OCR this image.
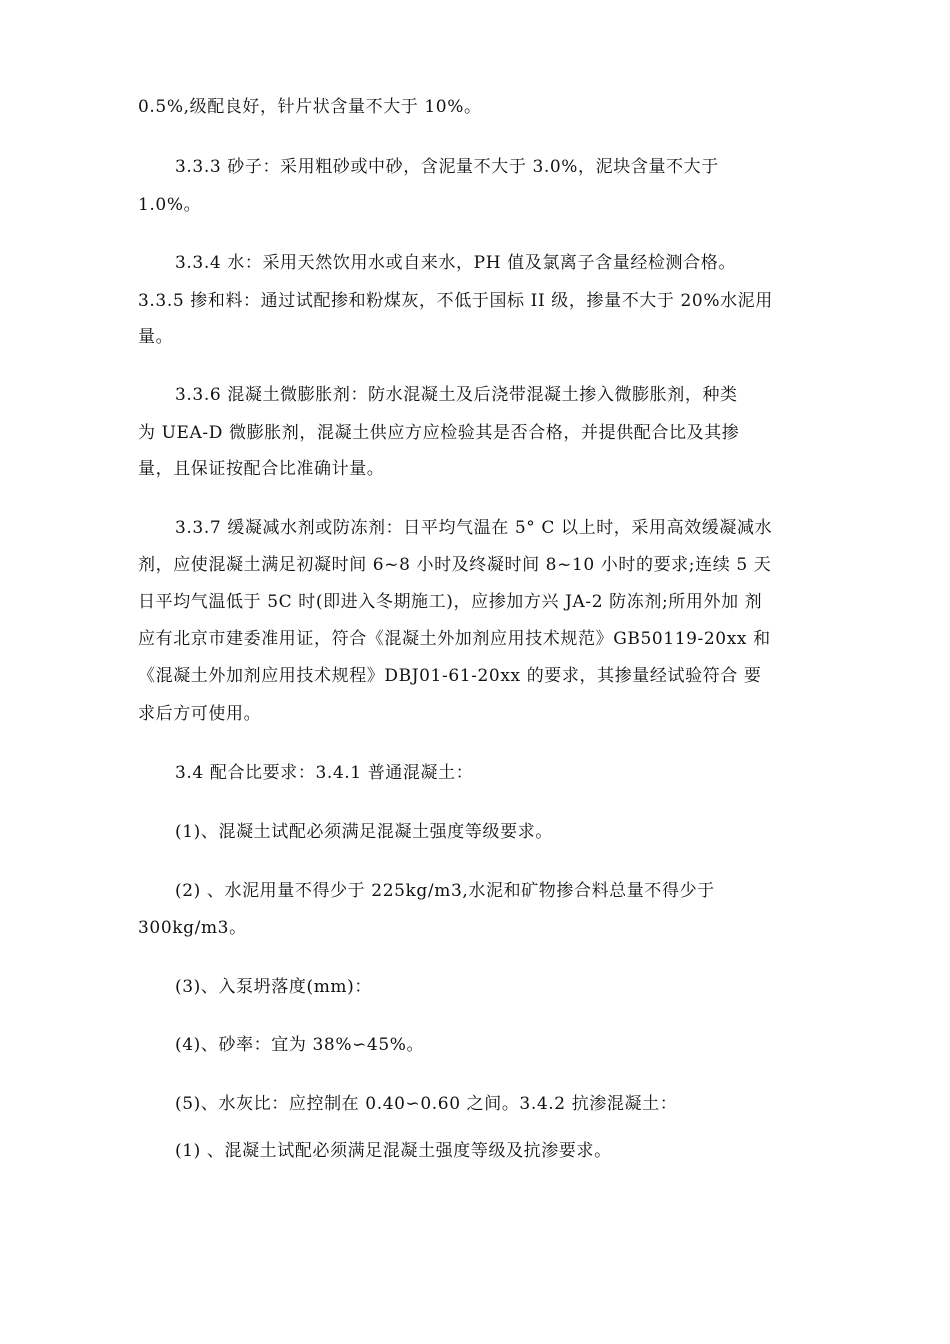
0.5%,级配良好，针片状含量不大于 10%。
3.3.3 砂子：采用粗砂或中砂，含泥量不大于 3.0%，泥块含量不大于
1.0%。
3.3.4 水：采用天然饮用水或自来水，PH 值及氯离子含量经检测合格。
3.3.5 掺和料：通过试配掺和粉煤灰，不低于国标 II 级，掺量不大于 20%水泥用
量。
3.3.6 混凝土微膨胀剂：防水混凝土及后浇带混凝土掺入微膨胀剂，种类
为 UEA-D 微膨胀剂，混凝土供应方应检验其是否合格，并提供配合比及其掺
量，且保证按配合比准确计量。
3.3.7 缓凝减水剂或防冻剂：日平均气温在 5° C 以上时，采用高效缓凝减水
剂，应使混凝土满足初凝时间 6~8 小时及终凝时间 8~10 小时的要求;连续 5 天
日平均气温低于 5C 时(即进入冬期施工)，应掺加方兴 JA-2 防冻剂;所用外加 剂
应有北京市建委准用证，符合《混凝土外加剂应用技术规范》GB50119-20xx 和
《混凝土外加剂应用技术规程》DBJ01-61-20xx 的要求，其掺量经试验符合 要
求后方可使用。
3.4 配合比要求：3.4.1 普通混凝土：
(1)、混凝土试配必须满足混凝土强度等级要求。
(2) 、水泥用量不得少于 225kg/m3,水泥和矿物掺合料总量不得少于
300kg/m3。
(3)、入泵坍落度(mm)：
(4)、砂率：宜为 38%∽45%。
(5)、水灰比：应控制在 0.40∽0.60 之间。3.4.2 抗渗混凝土：
(1) 、混凝土试配必须满足混凝土强度等级及抗渗要求。
